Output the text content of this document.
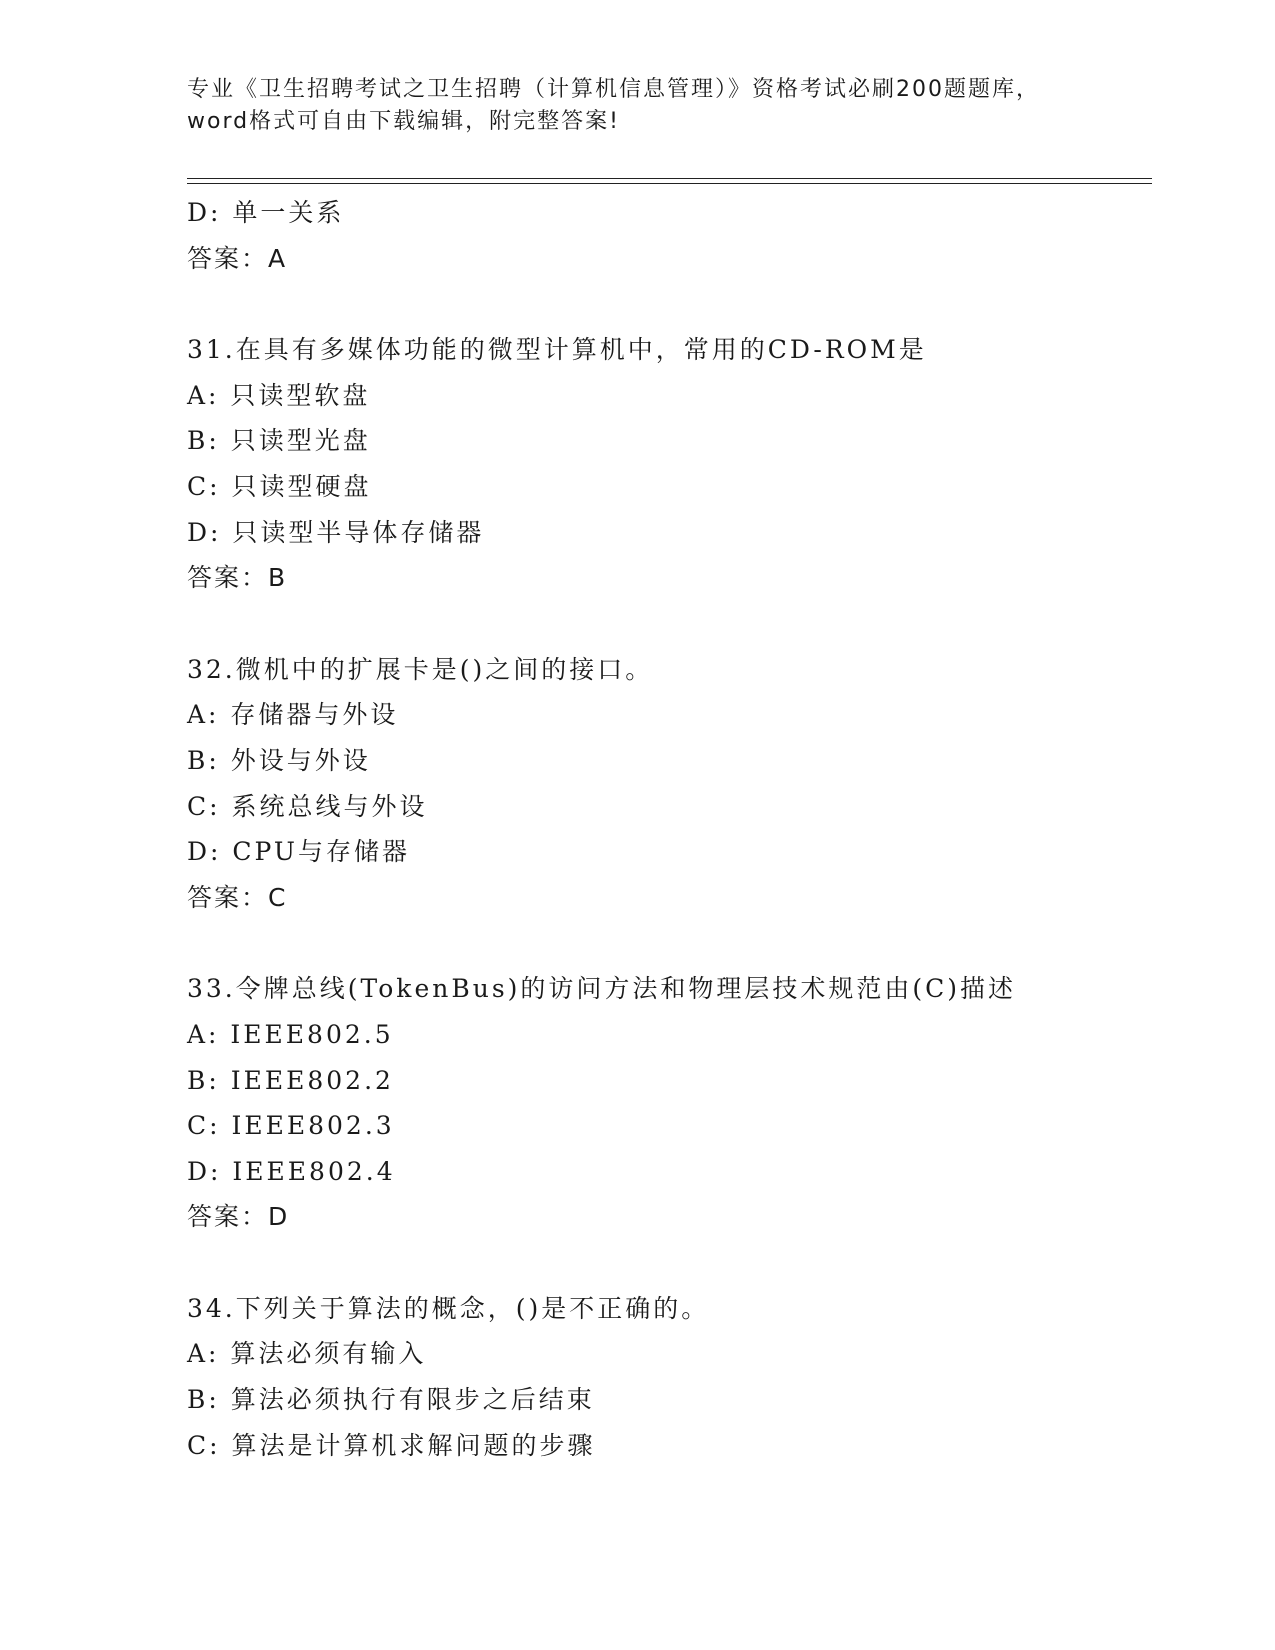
专业《卫生招聘考试之卫生招聘（计算机信息管理）》资格考试必刷200题题库，
word格式可自由下载编辑，附完整答案!
D: 单一关系
答案：A
31.在具有多媒体功能的微型计算机中，常用的CD-ROM是
A: 只读型软盘
B: 只读型光盘
C: 只读型硬盘
D: 只读型半导体存储器
答案：B
32.微机中的扩展卡是()之间的接口。
A: 存储器与外设
B: 外设与外设
C: 系统总线与外设
D: CPU与存储器
答案：C
33.令牌总线(TokenBus)的访问方法和物理层技术规范由(C)描述
A: IEEE802.5
B: IEEE802.2
C: IEEE802.3
D: IEEE802.4
答案：D
34.下列关于算法的概念，()是不正确的。
A: 算法必须有输入
B: 算法必须执行有限步之后结束
C: 算法是计算机求解问题的步骤
